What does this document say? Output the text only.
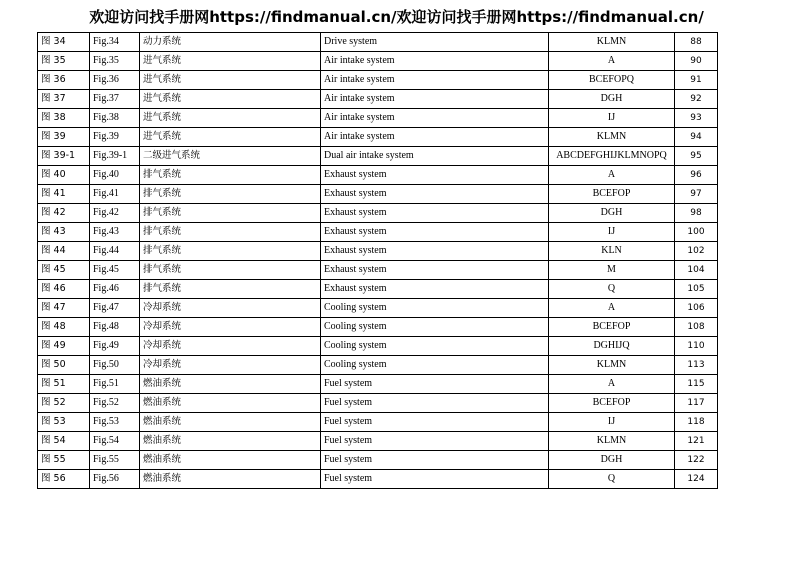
欢迎访问找手册网https://findmanual.cn/欢迎访问找手册网https://findmanual.cn/
图 34	Fig.34	动力系统	Drive system	KLMN	88
图 35	Fig.35	进气系统	Air intake system	A	90
图 36	Fig.36	进气系统	Air intake system	BCEFOPQ	91
图 37	Fig.37	进气系统	Air intake system	DGH	92
图 38	Fig.38	进气系统	Air intake system	IJ	93
图 39	Fig.39	进气系统	Air intake system	KLMN	94
图 39-1	Fig.39-1	二级进气系统	Dual air intake system	ABCDEFGHIJKLMNOPQ	95
图 40	Fig.40	排气系统	Exhaust system	A	96
图 41	Fig.41	排气系统	Exhaust system	BCEFOP	97
图 42	Fig.42	排气系统	Exhaust system	DGH	98
图 43	Fig.43	排气系统	Exhaust system	IJ	100
图 44	Fig.44	排气系统	Exhaust system	KLN	102
图 45	Fig.45	排气系统	Exhaust system	M	104
图 46	Fig.46	排气系统	Exhaust system	Q	105
图 47	Fig.47	冷却系统	Cooling system	A	106
图 48	Fig.48	冷却系统	Cooling system	BCEFOP	108
图 49	Fig.49	冷却系统	Cooling system	DGHIJQ	110
图 50	Fig.50	冷却系统	Cooling system	KLMN	113
图 51	Fig.51	燃油系统	Fuel system	A	115
图 52	Fig.52	燃油系统	Fuel system	BCEFOP	117
图 53	Fig.53	燃油系统	Fuel system	IJ	118
图 54	Fig.54	燃油系统	Fuel system	KLMN	121
图 55	Fig.55	燃油系统	Fuel system	DGH	122
图 56	Fig.56	燃油系统	Fuel system	Q	124
